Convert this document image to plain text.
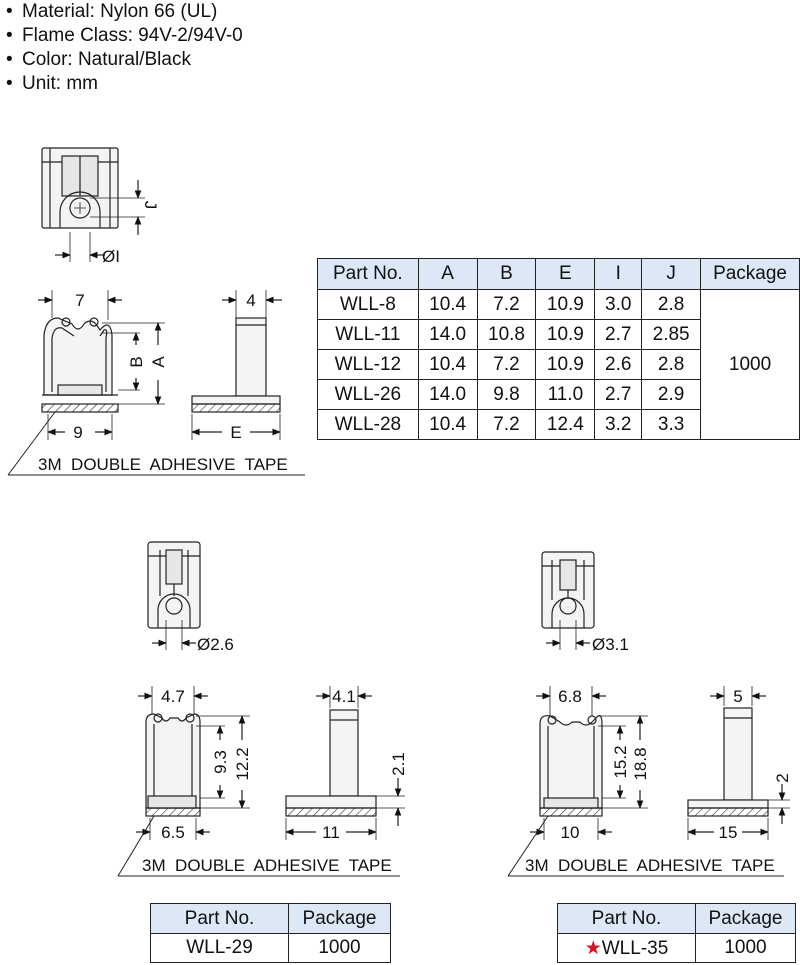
• Material: Nylon 66 (UL)
• Flame Class: 94V-2/94V-0
• Color: Natural/Black
• Unit: mm
J
ØI
7
B A
9
4
E
3M  DOUBLE  ADHESIVE  TAPE
Ø2.6
4.7
9.3 12.2
6.5
4.1
2.1
11
3M  DOUBLE  ADHESIVE  TAPE
Ø3.1
6.8
15.2 18.8
10
5
2
15
3M  DOUBLE  ADHESIVE  TAPE
Part No.	A	B	E	I	J	Package
WLL-8	10.4	7.2	10.9	3.0	2.8	1000
WLL-11	14.0	10.8	10.9	2.7	2.85	
WLL-12	10.4	7.2	10.9	2.6	2.8	
WLL-26	14.0	9.8	11.0	2.7	2.9	
WLL-28	10.4	7.2	12.4	3.2	3.3	
Part No.	Package
WLL-29	1000
Part No.	Package
★WLL-35	1000
